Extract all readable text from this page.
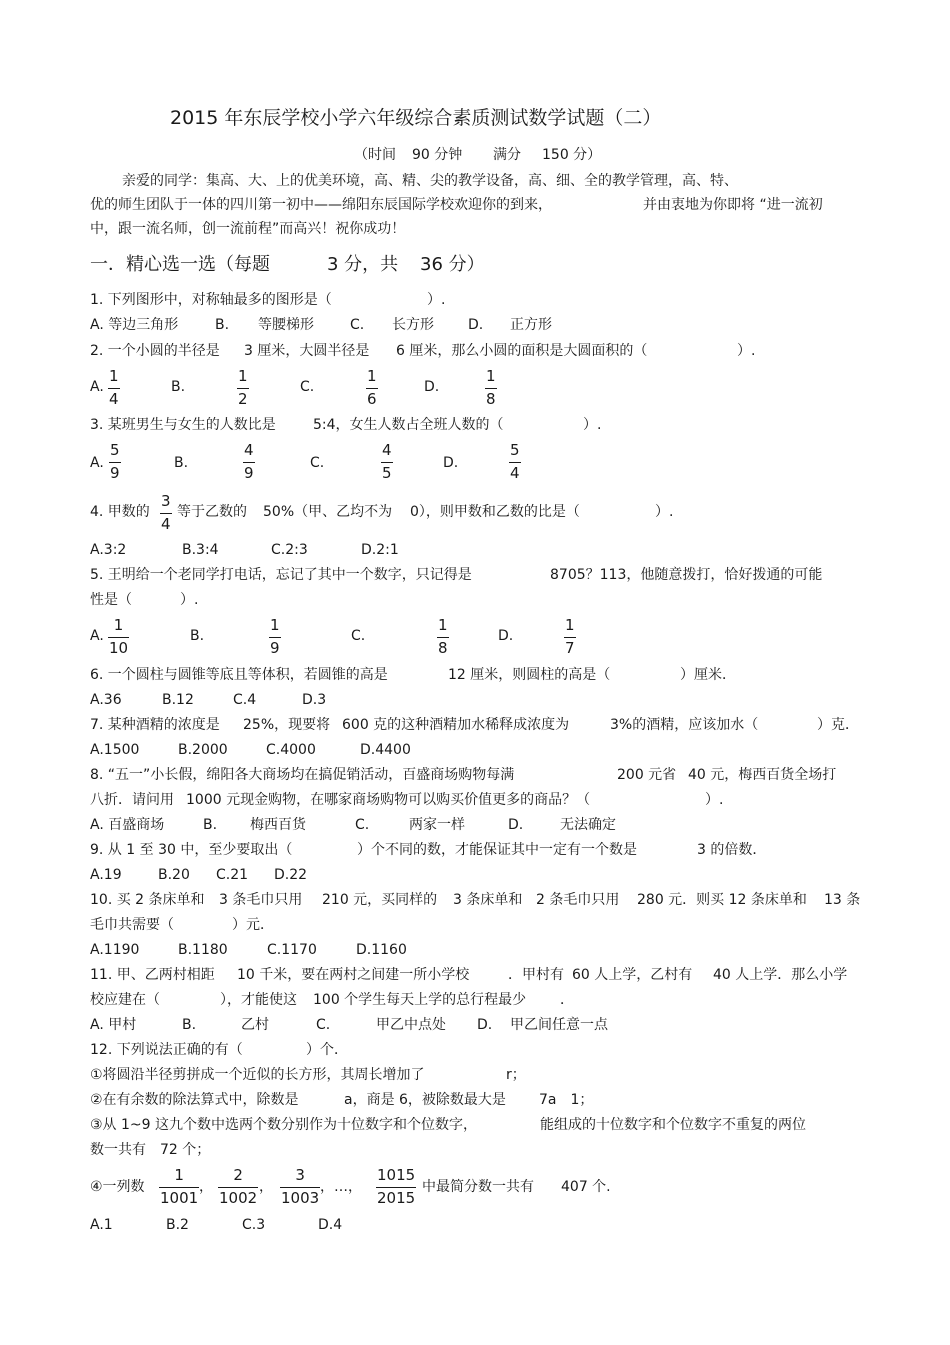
2015 年东辰学校小学六年级综合素质测试数学试题（二）
（时间 90 分钟 满分 150 分）
亲爱的同学：集高、大、上的优美环境，高、精、尖的教学设备，高、细、全的教学管理，高、特、
优的师生团队于一体的四川第一初中——绵阳东辰国际学校欢迎你的到来，	并由衷地为你即将 “进一流初
中，跟一流名师，创一流前程”而高兴！祝你成功！
一．精心选一选（每题	3 分，共 36 分）
1. 下列图形中，对称轴最多的图形是（	）.
A. 等边三角形	B. 等腰梯形	C. 长方形 D. 正方形
2. 一个小圆的半径是 3 厘米，大圆半径是 6 厘米，那么小圆的面积是大圆面积的（	）.
A.
1
4
B.
1
2
C.
1
6
D.
1
8
3. 某班男生与女生的人数比是	5:4，女生人数占全班人数的（	）.
A.
5
9
B.
4
9
C.
4
5
D.
5
4
4. 甲数的
3
4
等于乙数的 50%（甲、乙均不为 0），则甲数和乙数的比是（	）.
A.3:2	B.3:4	C.2:3	D.2:1
5. 王明给一个老同学打电话，忘记了其中一个数字，只记得是	8705？113，他随意拨打，恰好拨通的可能
性是（	）.
A.
1
10
B.
1
9
C.
1
8
D.
1
7
6. 一个圆柱与圆锥等底且等体积，若圆锥的高是	12 厘米，则圆柱的高是（	）厘米．
A.36	B.12	C.4	D.3
7. 某种酒精的浓度是 25%，现要将 600 克的这种酒精加水稀释成浓度为	3%的酒精，应该加水（	）克．
A.1500	B.2000	C.4000	D.4400
8. “五一”小长假，绵阳各大商场均在搞促销活动，百盛商场购物每满	200 元省 40 元，梅西百货全场打
八折．请问用 1000 元现金购物，在哪家商场购物可以购买价值更多的商品？（	）.
A. 百盛商场	B. 梅西百货	C.	两家一样	D.	无法确定
9. 从 1 至 30 中，至少要取出（	）个不同的数，才能保证其中一定有一个数是	3 的倍数．
A.19	B.20 C.21 D.22
10. 买 2 条床单和 3 条毛巾只用 210 元，买同样的 3 条床单和 2 条毛巾只用 280 元．则买 12 条床单和 13 条
毛巾共需要（	）元．
A.1190	B.1180	C.1170	D.1160
11. 甲、乙两村相距 10 千米，要在两村之间建一所小学校	．甲村有 60 人上学，乙村有 40 人上学．那么小学
校应建在（	），才能使这 100 个学生每天上学的总行程最少 ．
A. 甲村	B.	乙村	C.	甲乙中点处 D. 甲乙间任意一点
12. 下列说法正确的有（	）个．
①将圆沿半径剪拼成一个近似的长方形，其周长增加了	r；
②在有余数的除法算式中，除数是	a，商是 6，被除数最大是 7a　1；
③从 1~9 这九个数中选两个数分别作为十位数字和个位数字，	能组成的十位数字和个位数字不重复的两位
数一共有　72 个；
④一列数
1
1001
，
2
1002
，
3
1003
，…，
1015
2015
中最简分数一共有 407 个.
A.1	B.2	C.3	D.4
